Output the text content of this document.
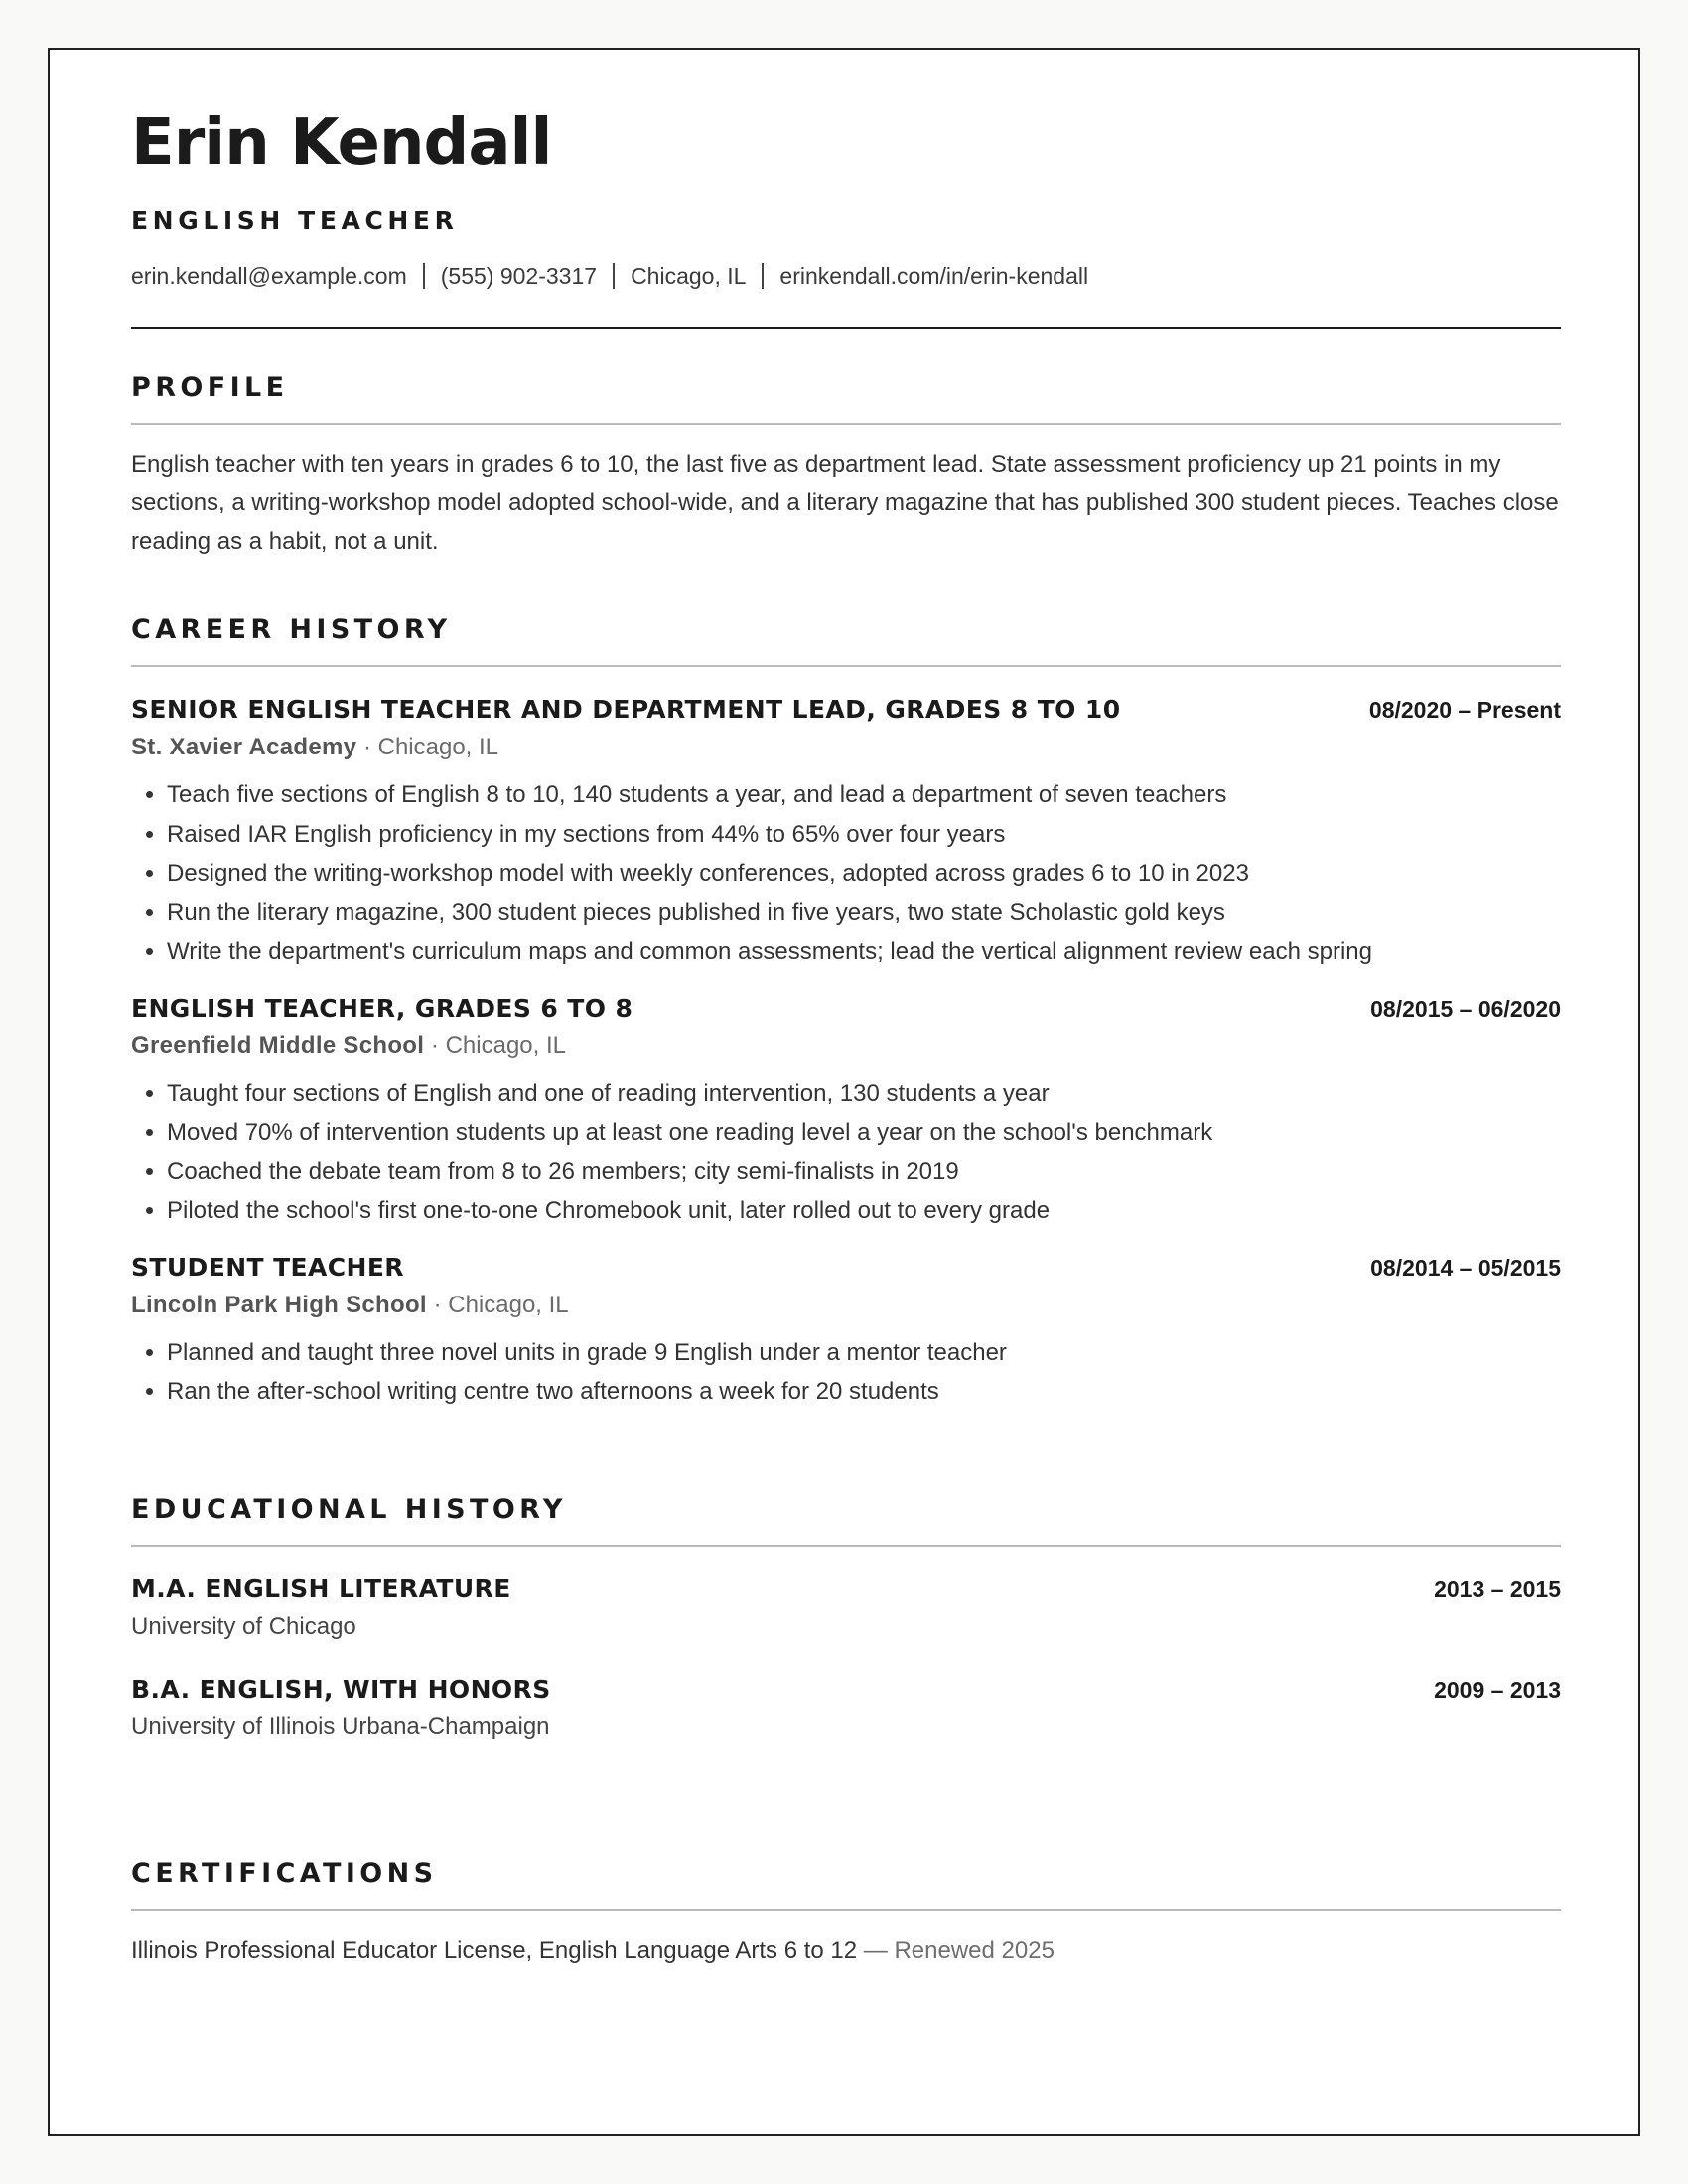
Erin Kendall
ENGLISH TEACHER
erin.kendall@example.com (555) 902-3317 Chicago, IL erinkendall.com/in/erin-kendall
PROFILE
English teacher with ten years in grades 6 to 10, the last five as department lead. State assessment proficiency up 21 points in my sections, a writing-workshop model adopted school-wide, and a literary magazine that has published 300 student pieces. Teaches close reading as a habit, not a unit.
CAREER HISTORY
SENIOR ENGLISH TEACHER AND DEPARTMENT LEAD, GRADES 8 TO 10	08/2020 – Present
St. Xavier Academy · Chicago, IL
• Teach five sections of English 8 to 10, 140 students a year, and lead a department of seven teachers
• Raised IAR English proficiency in my sections from 44% to 65% over four years
• Designed the writing-workshop model with weekly conferences, adopted across grades 6 to 10 in 2023
• Run the literary magazine, 300 student pieces published in five years, two state Scholastic gold keys
• Write the department's curriculum maps and common assessments; lead the vertical alignment review each spring
ENGLISH TEACHER, GRADES 6 TO 8	08/2015 – 06/2020
Greenfield Middle School · Chicago, IL
• Taught four sections of English and one of reading intervention, 130 students a year
• Moved 70% of intervention students up at least one reading level a year on the school's benchmark
• Coached the debate team from 8 to 26 members; city semi-finalists in 2019
• Piloted the school's first one-to-one Chromebook unit, later rolled out to every grade
STUDENT TEACHER	08/2014 – 05/2015
Lincoln Park High School · Chicago, IL
• Planned and taught three novel units in grade 9 English under a mentor teacher
• Ran the after-school writing centre two afternoons a week for 20 students
EDUCATIONAL HISTORY
M.A. ENGLISH LITERATURE	2013 – 2015
University of Chicago
B.A. ENGLISH, WITH HONORS	2009 – 2013
University of Illinois Urbana-Champaign
CERTIFICATIONS
Illinois Professional Educator License, English Language Arts 6 to 12 — Renewed 2025
